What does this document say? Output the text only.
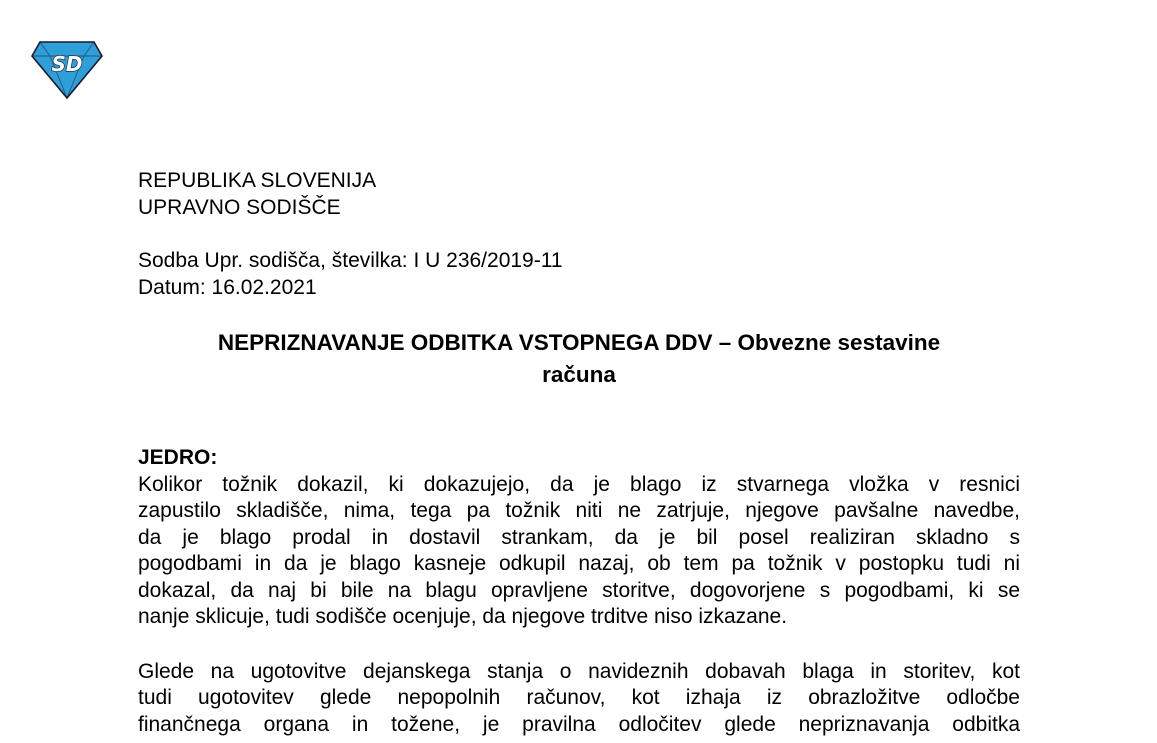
SD
REPUBLIKA SLOVENIJA
UPRAVNO SODIŠČE
Sodba Upr. sodišča, številka: I U 236/2019-11
Datum: 16.02.2021
NEPRIZNAVANJE ODBITKA VSTOPNEGA DDV – Obvezne sestavine
računa
JEDRO:
Kolikor tožnik dokazil, ki dokazujejo, da je blago iz stvarnega vložka v resnici
zapustilo skladišče, nima, tega pa tožnik niti ne zatrjuje, njegove pavšalne navedbe,
da je blago prodal in dostavil strankam, da je bil posel realiziran skladno s
pogodbami in da je blago kasneje odkupil nazaj, ob tem pa tožnik v postopku tudi ni
dokazal, da naj bi bile na blagu opravljene storitve, dogovorjene s pogodbami, ki se
nanje sklicuje, tudi sodišče ocenjuje, da njegove trditve niso izkazane.
Glede na ugotovitve dejanskega stanja o navideznih dobavah blaga in storitev, kot
tudi ugotovitev glede nepopolnih računov, kot izhaja iz obrazložitve odločbe
finančnega organa in tožene, je pravilna odločitev glede nepriznavanja odbitka
